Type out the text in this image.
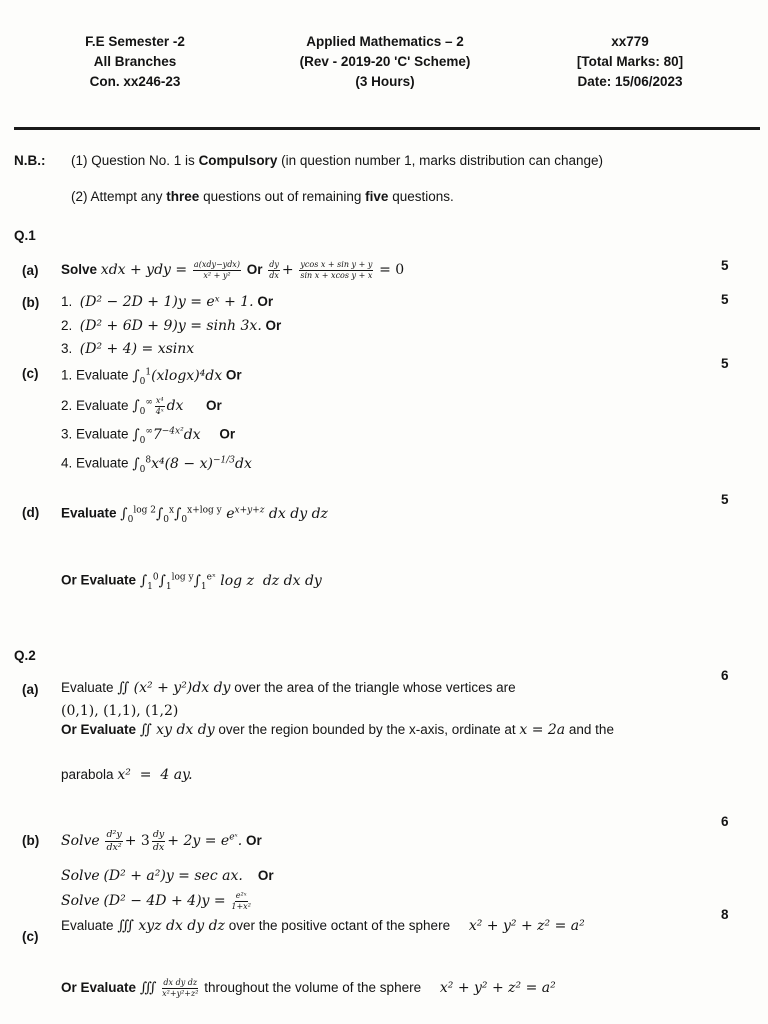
F.E Semester -2
All Branches
Con. xx246-23
Applied Mathematics – 2
(Rev - 2019-20 'C' Scheme)
(3 Hours)
xx779
[Total Marks: 80]
Date: 15/06/2023
N.B.: (1) Question No. 1 is Compulsory (in question number 1, marks distribution can change)
(2) Attempt any three questions out of remaining five questions.
Q.1
(a) Solve xdx + ydy = $\frac{\text{a(xdy−ydx)}}{\text{x² + y²}}$ Or $\frac{dy}{dx} + \frac{\text{ycos x + sin y + y}}{\text{sin x + xcos y + x}} = 0$	5
(b) 1. (D² − 2D + 1)y = eˣ + 1. Or	5
2. (D² + 6D + 9)y = sinh 3x. Or
3. (D² + 4) = xsinx
(c)
5
1. Evaluate $\int_0^1(xlogx)^4dx$ Or
2. Evaluate $\int_0^\infty \frac{\text{x⁴}}{\text{4ˣ}}$ dx Or
3. Evaluate $\int_0^\infty 7^{-4x^2}dx$ Or
4. Evaluate $\int_0^8x^4(8 - x)^{-1/3}dx$
(d)
5
Evaluate $\int_0^{log 2}\int_0^x\int_0^{x+log y}$ $e^{x+y+z}$ dx dy dz
Or Evaluate $\int_1^0\int_1^{log y}\int_1^{eˣ}$ log z  dz dx dy
Q.2
(a)
6
Evaluate ∬ (x² + y²)dx dy over the area of the triangle whose vertices are
(0,1), (1,1), (1,2)
Or Evaluate ∬ xy dx dy over the region bounded by the x-axis, ordinate at x = 2a and the
parabola x²  =  4 ay.
(b)
6
Solve $\frac{\text{d²y}}{\text{dx²}} + 3 \frac{dy}{dx} + 2y = e^{eˣ}$. Or
Solve (D² + a²)y = sec ax. Or
Solve $(D^2 - 4D + 4)y = \frac{\text{e²ˣ}}{\text{1+x²}}$
(c)
8
Evaluate ∭ xyz dx dy dz over the positive octant of the sphere x² + y² + z² = a²
Or Evaluate ∭ $\frac{\text{dx dy dz}}{\text{x²+y²+z²}}$ throughout the volume of the sphere x² + y² + z² = a²
